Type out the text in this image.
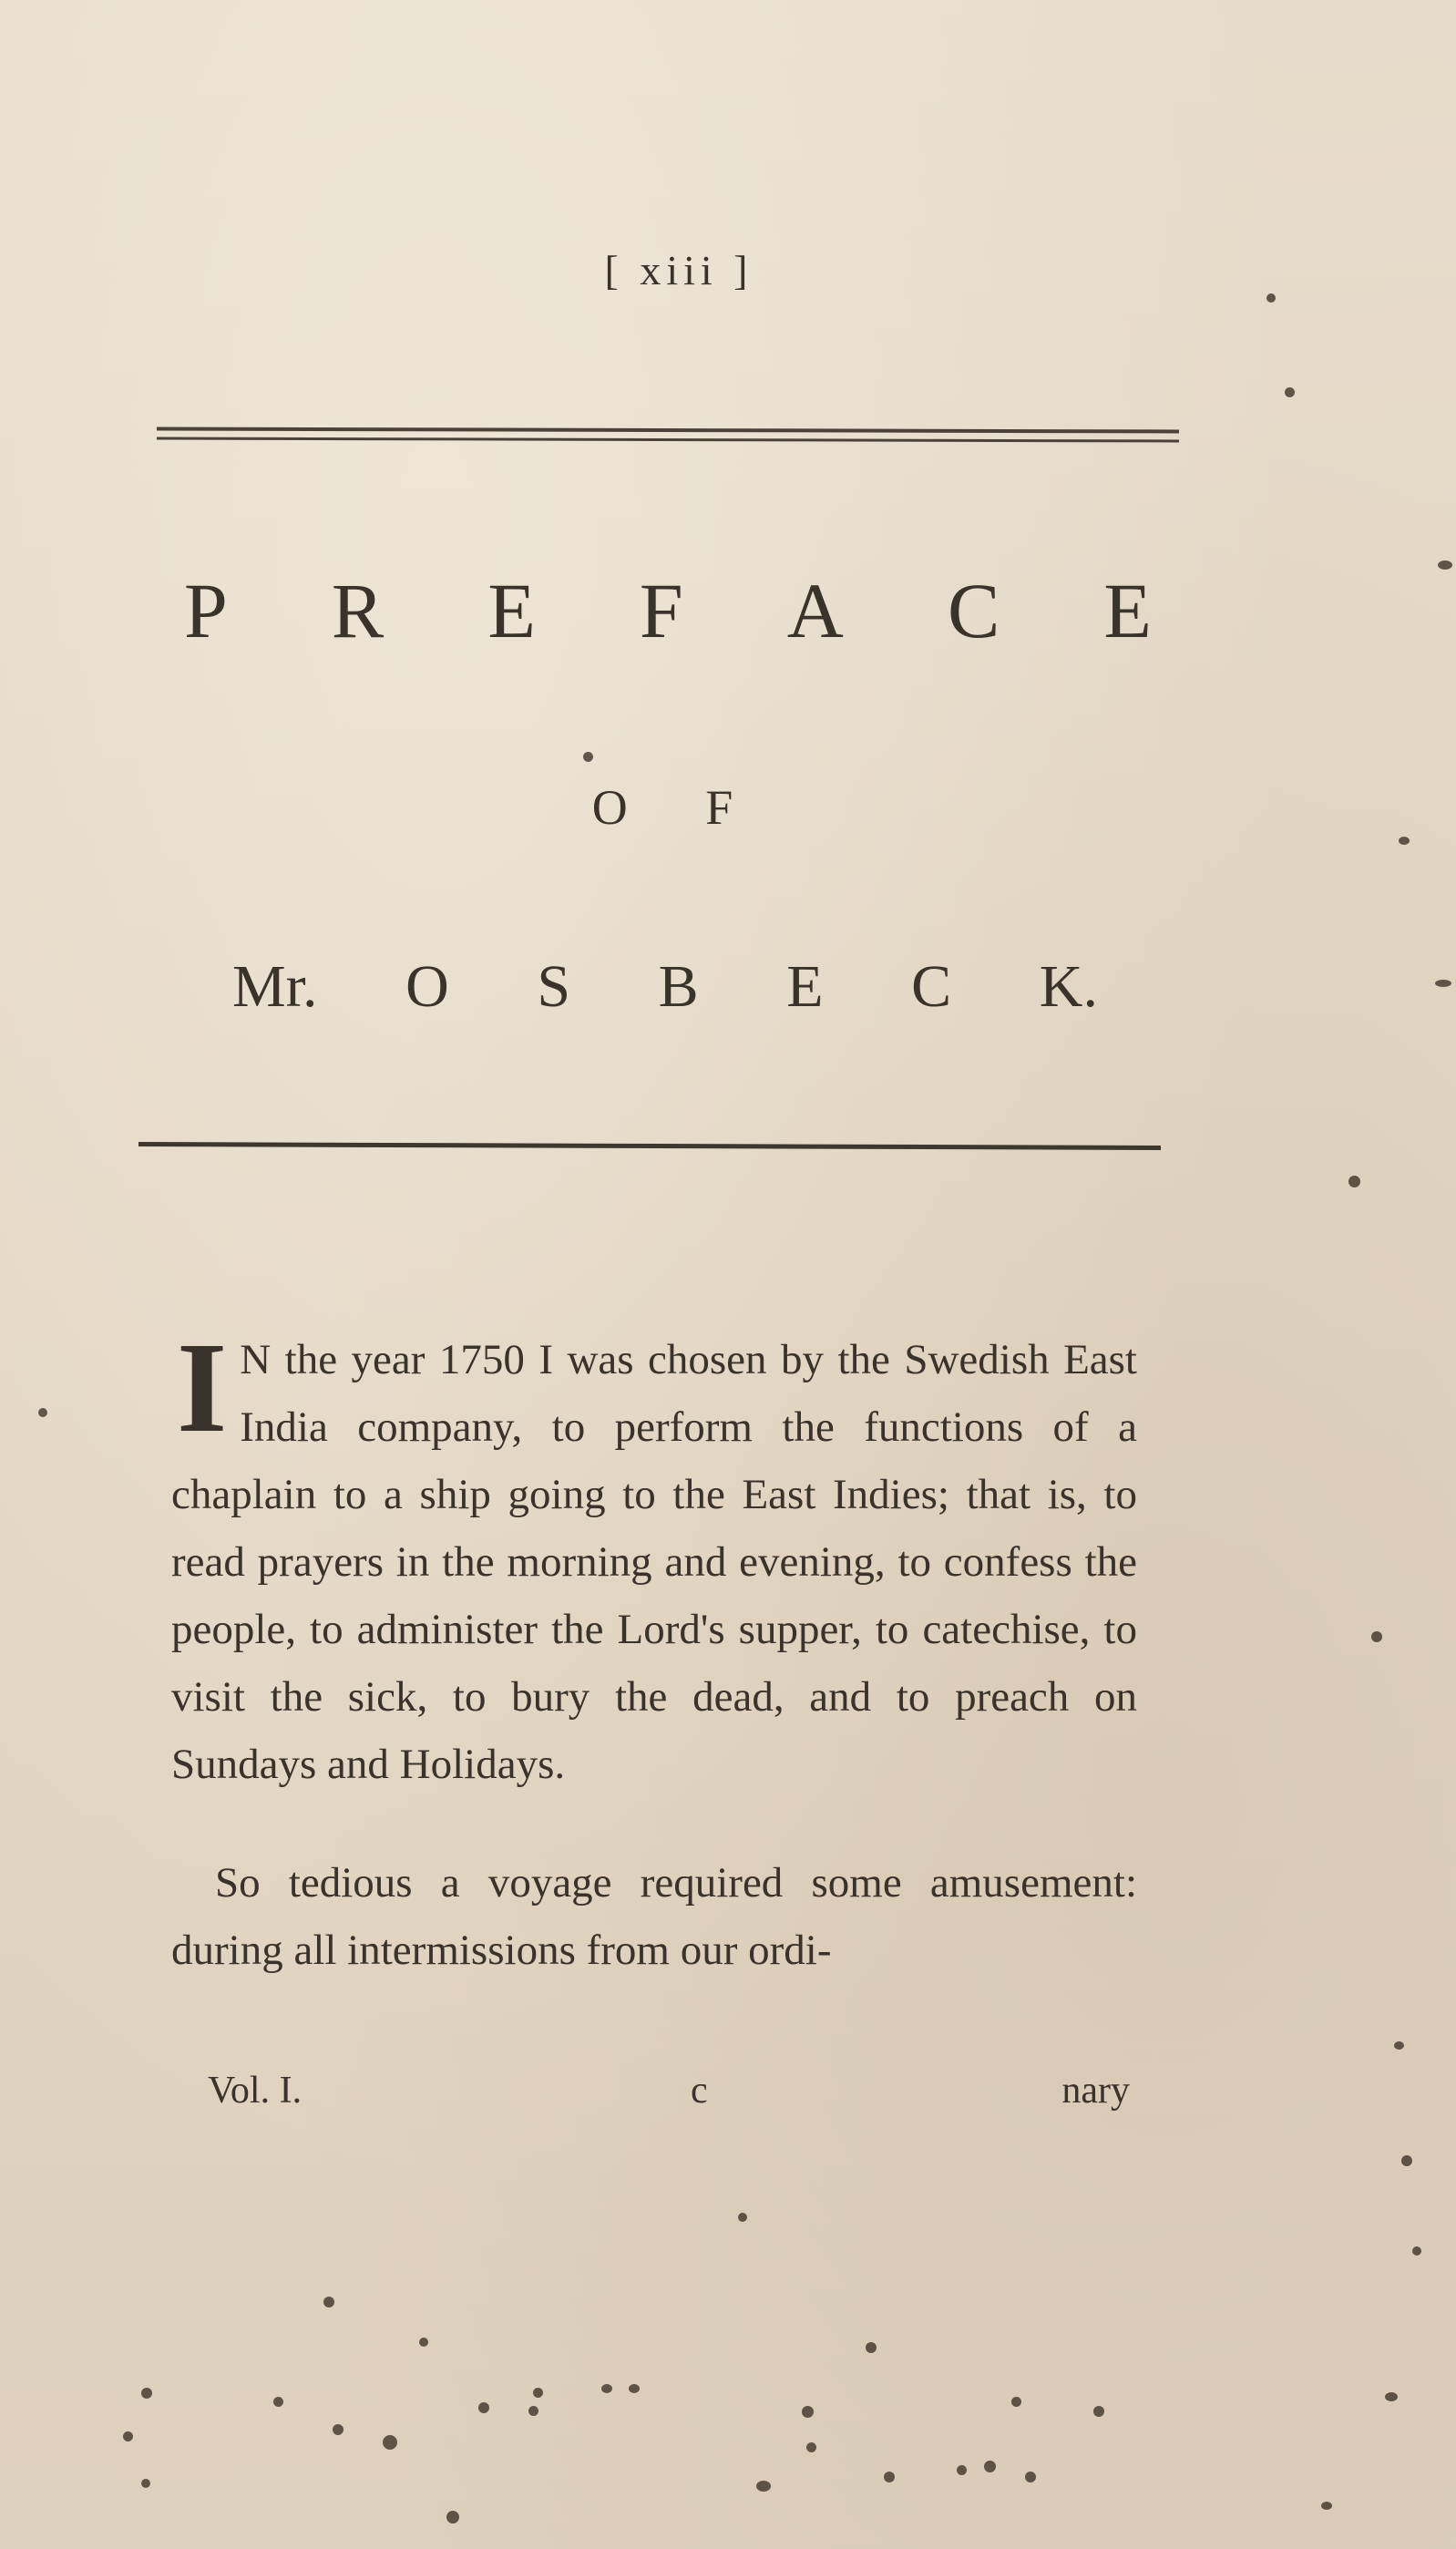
[ xiii ]
P R E F A C E
O F
Mr. O S B E C K.

I N the year 1750 I was chosen by the Swedish East India company, to perform the functions of a chaplain to a ship going to the East Indies; that is, to read prayers in the morning and evening, to confess the people, to administer the Lord's supper, to catechise, to visit the sick, to bury the dead, and to preach on Sundays and Holidays.

So tedious a voyage required some amusement: during all intermissions from our ordi-

Vol. I.	c	nary
